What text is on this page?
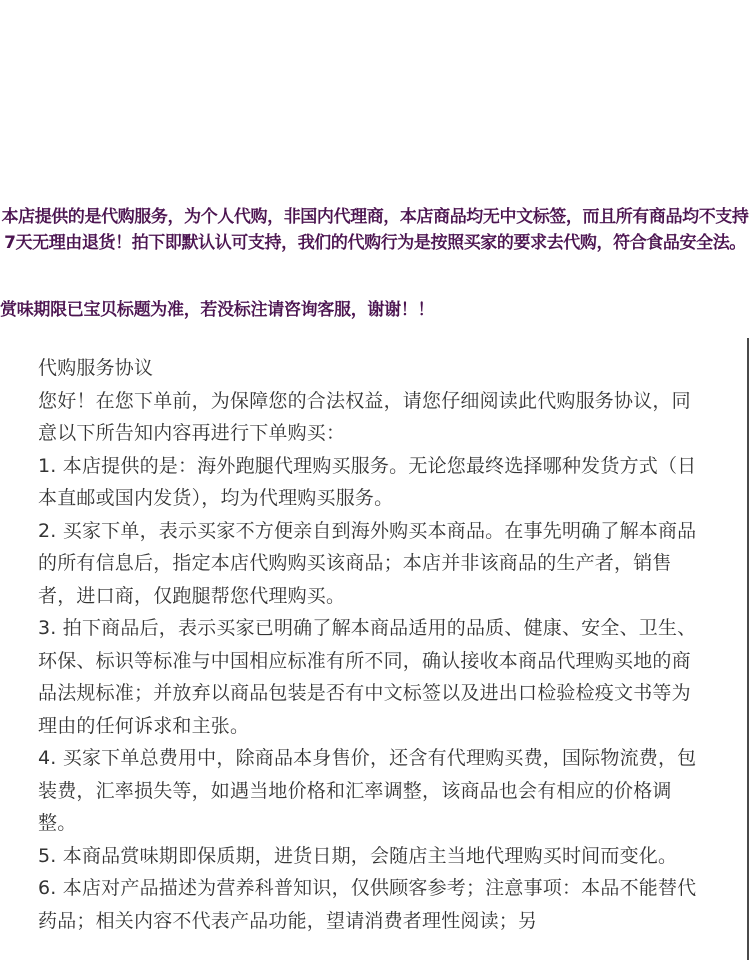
本店提供的是代购服务，为个人代购，非国内代理商，本店商品均无中文标签，而且所有商品均不支持7天无理由退货！拍下即默认认可支持，我们的代购行为是按照买家的要求去代购，符合食品安全法。
赏味期限已宝贝标题为准，若没标注请咨询客服，谢谢！！

代购服务协议

您好！在您下单前，为保障您的合法权益，请您仔细阅读此代购服务协议，同意以下所告知内容再进行下单购买：

1. 本店提供的是：海外跑腿代理购买服务。无论您最终选择哪种发货方式（日本直邮或国内发货），均为代理购买服务。

2. 买家下单，表示买家不方便亲自到海外购买本商品。在事先明确了解本商品的所有信息后，指定本店代购购买该商品；本店并非该商品的生产者，销售者，进口商，仅跑腿帮您代理购买。

3. 拍下商品后，表示买家已明确了解本商品适用的品质、健康、安全、卫生、环保、标识等标准与中国相应标准有所不同，确认接收本商品代理购买地的商品法规标准；并放弃以商品包装是否有中文标签以及进出口检验检疫文书等为理由的任何诉求和主张。

4. 买家下单总费用中，除商品本身售价，还含有代理购买费，国际物流费，包装费，汇率损失等，如遇当地价格和汇率调整，该商品也会有相应的价格调整。

5. 本商品赏味期即保质期，进货日期，会随店主当地代理购买时间而变化。

6. 本店对产品描述为营养科普知识，仅供顾客参考；注意事项：本品不能替代药品；相关内容不代表产品功能，望请消费者理性阅读；另
